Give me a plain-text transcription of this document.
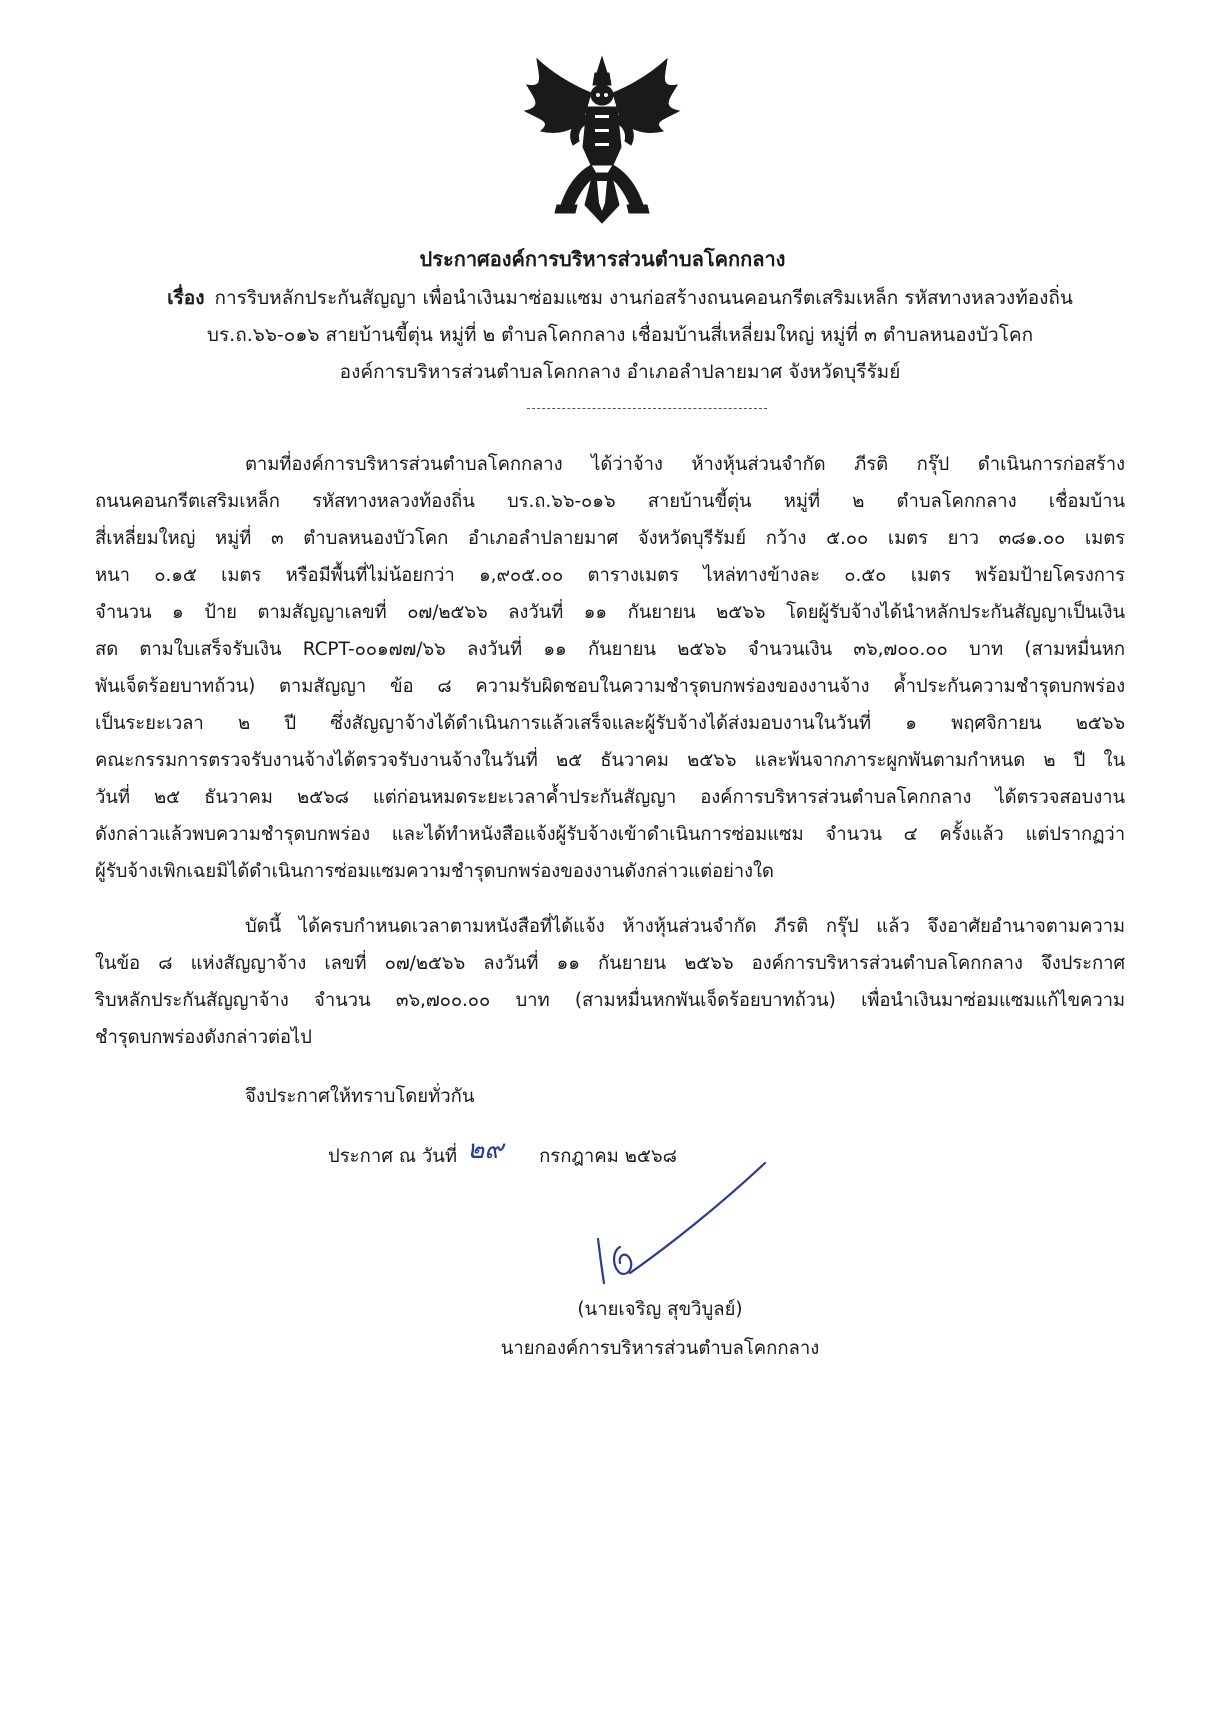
ประกาศองค์การบริหารส่วนตำบลโคกกลาง
เรื่อง การริบหลักประกันสัญญา เพื่อนำเงินมาซ่อมแซม งานก่อสร้างถนนคอนกรีตเสริมเหล็ก รหัสทางหลวงท้องถิ่น
บร.ถ.๖๖-๐๑๖ สายบ้านขี้ตุ่น หมู่ที่ ๒ ตำบลโคกกลาง เชื่อมบ้านสี่เหลี่ยมใหญ่ หมู่ที่ ๓ ตำบลหนองบัวโคก
องค์การบริหารส่วนตำบลโคกกลาง อำเภอลำปลายมาศ จังหวัดบุรีรัมย์
ตามที่องค์การบริหารส่วนตำบลโคกกลาง ได้ว่าจ้าง ห้างหุ้นส่วนจำกัด ภีรติ กรุ๊ป ดำเนินการก่อสร้าง
ถนนคอนกรีตเสริมเหล็ก รหัสทางหลวงท้องถิ่น บร.ถ.๖๖-๐๑๖ สายบ้านขี้ตุ่น หมู่ที่ ๒ ตำบลโคกกลาง เชื่อมบ้าน
สี่เหลี่ยมใหญ่ หมู่ที่ ๓ ตำบลหนองบัวโคก อำเภอลำปลายมาศ จังหวัดบุรีรัมย์ กว้าง ๕.๐๐ เมตร ยาว ๓๘๑.๐๐ เมตร
หนา ๐.๑๕ เมตร หรือมีพื้นที่ไม่น้อยกว่า ๑,๙๐๕.๐๐ ตารางเมตร ไหล่ทางข้างละ ๐.๕๐ เมตร พร้อมป้ายโครงการ
จำนวน ๑ ป้าย ตามสัญญาเลขที่ ๐๗/๒๕๖๖ ลงวันที่ ๑๑ กันยายน ๒๕๖๖ โดยผู้รับจ้างได้นำหลักประกันสัญญาเป็นเงิน
สด ตามใบเสร็จรับเงิน RCPT-๐๐๑๗๗/๖๖ ลงวันที่ ๑๑ กันยายน ๒๕๖๖ จำนวนเงิน ๓๖,๗๐๐.๐๐ บาท (สามหมื่นหก
พันเจ็ดร้อยบาทถ้วน) ตามสัญญา ข้อ ๘ ความรับผิดชอบในความชำรุดบกพร่องของงานจ้าง ค้ำประกันความชำรุดบกพร่อง
เป็นระยะเวลา ๒ ปี ซึ่งสัญญาจ้างได้ดำเนินการแล้วเสร็จและผู้รับจ้างได้ส่งมอบงานในวันที่ ๑ พฤศจิกายน ๒๕๖๖
คณะกรรมการตรวจรับงานจ้างได้ตรวจรับงานจ้างในวันที่ ๒๕ ธันวาคม ๒๕๖๖ และพ้นจากภาระผูกพันตามกำหนด ๒ ปี ใน
วันที่ ๒๕ ธันวาคม ๒๕๖๘ แต่ก่อนหมดระยะเวลาค้ำประกันสัญญา องค์การบริหารส่วนตำบลโคกกลาง ได้ตรวจสอบงาน
ดังกล่าวแล้วพบความชำรุดบกพร่อง และได้ทำหนังสือแจ้งผู้รับจ้างเข้าดำเนินการซ่อมแซม จำนวน ๔ ครั้งแล้ว แต่ปรากฏว่า
ผู้รับจ้างเพิกเฉยมิได้ดำเนินการซ่อมแซมความชำรุดบกพร่องของงานดังกล่าวแต่อย่างใด
บัดนี้ ได้ครบกำหนดเวลาตามหนังสือที่ได้แจ้ง ห้างหุ้นส่วนจำกัด ภีรติ กรุ๊ป แล้ว จึงอาศัยอำนาจตามความ
ในข้อ ๘ แห่งสัญญาจ้าง เลขที่ ๐๗/๒๕๖๖ ลงวันที่ ๑๑ กันยายน ๒๕๖๖ องค์การบริหารส่วนตำบลโคกกลาง จึงประกาศ
ริบหลักประกันสัญญาจ้าง จำนวน ๓๖,๗๐๐.๐๐ บาท (สามหมื่นหกพันเจ็ดร้อยบาทถ้วน) เพื่อนำเงินมาซ่อมแซมแก้ไขความ
ชำรุดบกพร่องดังกล่าวต่อไป
จึงประกาศให้ทราบโดยทั่วกัน
ประกาศ ณ วันที่ ๒๙ กรกฎาคม ๒๕๖๘
(นายเจริญ สุขวิบูลย์)
นายกองค์การบริหารส่วนตำบลโคกกลาง
